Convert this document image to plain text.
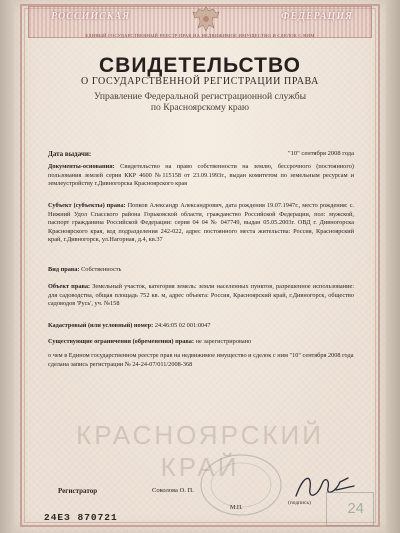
РОССИЙСКАЯ	ФЕДЕРАЦИЯ
ЕДИНЫЙ ГОСУДАРСТВЕННЫЙ РЕЕСТР ПРАВ НА НЕДВИЖИМОЕ ИМУЩЕСТВО И СДЕЛОК С НИМ
СВИДЕТЕЛЬСТВО
О ГОСУДАРСТВЕННОЙ РЕГИСТРАЦИИ ПРАВА
Управление Федеральной регистрационной службы
по Красноярскому краю
Дата выдачи:	"10" сентября 2008 года
Документы-основания: Свидетельство на право собственности на землю, бессрочного (постоянного) пользования землей серия ККР 4600 №115158 от 23.09.1993г., выдан комитетом по земельным ресурсам и землеустройству г.Дивногорска Красноярского края
Субъект (субъекты) права: Попков Александр Александрович, дата рождения 19.07.1947г., место рождения: с. Нижний Удол Спасского района Горьковской области, гражданство Российской Федерации, пол: мужской, паспорт гражданина Российской Федерации: серия 04 04 № 047749, выдан 05.05.2003г. ОВД г. Дивногорска Красноярского края, код подразделения 242-022, адрес постоянного места жительства: Россия, Красноярский край, г.Дивногорск, ул.Нагорная, д.4, кв.37
Вид права: Собственность
Объект права: Земельный участок, категория земель: земли населенных пунктов, разрешенное использование: для садоводства, общая площадь 752 кв. м, адрес объекта: Россия, Красноярский край, г.Дивногорск, общество садоводов 'Русь', уч. №158
Кадастровый (или условный) номер: 24:46:05 02 001:0047
Существующие ограничения (обременения) права: не зарегистрировано
о чем в Едином государственном реестре прав на недвижимое имущество и сделок с ним "10" сентября 2008 года сделана запись регистрации № 24-24-07/011/2008-368
КРАСНОЯРСКИЙ
КРАЙ
Регистратор	Соколова О. П.
М.П.
(подпись) 24
24ЕЗ 870721
